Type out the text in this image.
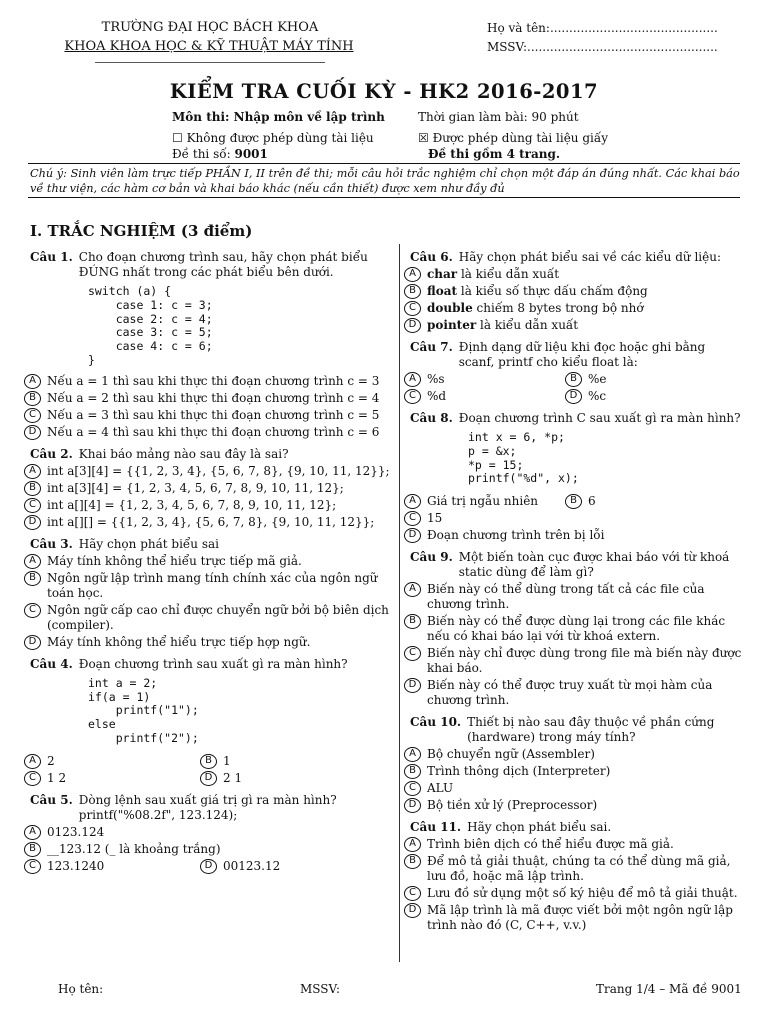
TRƯỜNG ĐẠI HỌC BÁCH KHOA
KHOA KHOA HỌC & KỸ THUẬT MÁY TÍNH
Họ và tên:............................................
MSSV:..................................................
KIỂM TRA CUỐI KỲ - HK2 2016-2017
Môn thi: Nhập môn về lập trình	Thời gian làm bài: 90 phút
☐ Không được phép dùng tài liệu	☒ Được phép dùng tài liệu giấy
Đề thi số: 9001	Đề thi gồm 4 trang.
Chú ý: Sinh viên làm trực tiếp PHẦN I, II trên đề thi; mỗi câu hỏi trắc nghiệm chỉ chọn một đáp án đúng nhất. Các khai báo về thư viện, các hàm cơ bản và khai báo khác (nếu cần thiết) được xem như đầy đủ
I. TRẮC NGHIỆM (3 điểm)
Câu 1. Cho đoạn chương trình sau, hãy chọn phát biểu ĐÚNG nhất trong các phát biểu bên dưới.
switch (a) {
case 1: c = 3;
case 2: c = 4;
case 3: c = 5;
case 4: c = 6;
}
A Nếu a = 1 thì sau khi thực thi đoạn chương trình c = 3
B Nếu a = 2 thì sau khi thực thi đoạn chương trình c = 4
C Nếu a = 3 thì sau khi thực thi đoạn chương trình c = 5
D Nếu a = 4 thì sau khi thực thi đoạn chương trình c = 6
Câu 2. Khai báo mảng nào sau đây là sai?
A int a[3][4] = {{1, 2, 3, 4}, {5, 6, 7, 8}, {9, 10, 11, 12}};
B int a[3][4] = {1, 2, 3, 4, 5, 6, 7, 8, 9, 10, 11, 12};
C int a[][4] = {1, 2, 3, 4, 5, 6, 7, 8, 9, 10, 11, 12};
D int a[][] = {{1, 2, 3, 4}, {5, 6, 7, 8}, {9, 10, 11, 12}};
Câu 3. Hãy chọn phát biểu sai
A Máy tính không thể hiểu trực tiếp mã giả.
B Ngôn ngữ lập trình mang tính chính xác của ngôn ngữ toán học.
C Ngôn ngữ cấp cao chỉ được chuyển ngữ bởi bộ biên dịch (compiler).
D Máy tính không thể hiểu trực tiếp hợp ngữ.
Câu 4. Đoạn chương trình sau xuất gì ra màn hình?
int a = 2;
if(a = 1)
printf("1");
else
printf("2");
A 2	B 1
C 1 2	D 2 1
Câu 5. Dòng lệnh sau xuất giá trị gì ra màn hình? printf("%08.2f", 123.124);
A 0123.124
B __123.12 (_ là khoảng trắng)
C 123.1240	D 00123.12
Câu 6. Hãy chọn phát biểu sai về các kiểu dữ liệu:
A char là kiểu dẫn xuất
B float là kiểu số thực dấu chấm động
C double chiếm 8 bytes trong bộ nhớ
D pointer là kiểu dẫn xuất
Câu 7. Định dạng dữ liệu khi đọc hoặc ghi bằng scanf, printf cho kiểu float là:
A %s	B %e
C %d	D %c
Câu 8. Đoạn chương trình C sau xuất gì ra màn hình?
int x = 6, *p;
p = &x;
*p = 15;
printf("%d", x);
A Giá trị ngẫu nhiên	B 6
C 15
D Đoạn chương trình trên bị lỗi
Câu 9. Một biến toàn cục được khai báo với từ khoá static dùng để làm gì?
A Biến này có thể dùng trong tất cả các file của chương trình.
B Biến này có thể được dùng lại trong các file khác nếu có khai báo lại với từ khoá extern.
C Biến này chỉ được dùng trong file mà biến này được khai báo.
D Biến này có thể được truy xuất từ mọi hàm của chương trình.
Câu 10. Thiết bị nào sau đây thuộc về phần cứng (hardware) trong máy tính?
A Bộ chuyển ngữ (Assembler)
B Trình thông dịch (Interpreter)
C ALU
D Bộ tiền xử lý (Preprocessor)
Câu 11. Hãy chọn phát biểu sai.
A Trình biên dịch có thể hiểu được mã giả.
B Để mô tả giải thuật, chúng ta có thể dùng mã giả, lưu đồ, hoặc mã lập trình.
C Lưu đồ sử dụng một số ký hiệu để mô tả giải thuật.
D Mã lập trình là mã được viết bởi một ngôn ngữ lập trình nào đó (C, C++, v.v.)
Họ tên:	MSSV:	Trang 1/4 – Mã đề 9001
